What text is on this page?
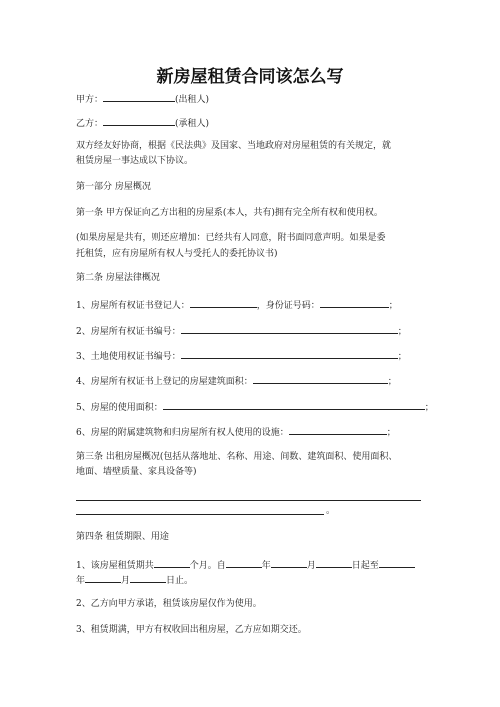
新房屋租赁合同该怎么写
甲方：	(出租人)
乙方：	(承租人)
双方经友好协商，根据《民法典》及国家、当地政府对房屋租赁的有关规定，就
租赁房屋一事达成以下协议。
第一部分 房屋概况
第一条 甲方保证向乙方出租的房屋系(本人，共有)拥有完全所有权和使用权。
(如果房屋是共有，则还应增加：已经共有人同意，附书面同意声明。如果是委
托租赁，应有房屋所有权人与受托人的委托协议书)
第二条 房屋法律概况
1、房屋所有权证书登记人：	，身份证号码：	；
2、房屋所有权证书编号：	；
3、土地使用权证书编号：	；
4、房屋所有权证书上登记的房屋建筑面积：	；
5、房屋的使用面积：	；
6、房屋的附属建筑物和归房屋所有权人使用的设施：	；
第三条 出租房屋概况(包括从落地址、名称、用途、间数、建筑面积、使用面积、
地面、墙壁质量、家具设备等)
。
第四条 租赁期限、用途
1、该房屋租赁期共	个月。自	年	月	日起至
年	月	日止。
2、乙方向甲方承诺，租赁该房屋仅作为使用。
3、租赁期满，甲方有权收回出租房屋，乙方应如期交还。
